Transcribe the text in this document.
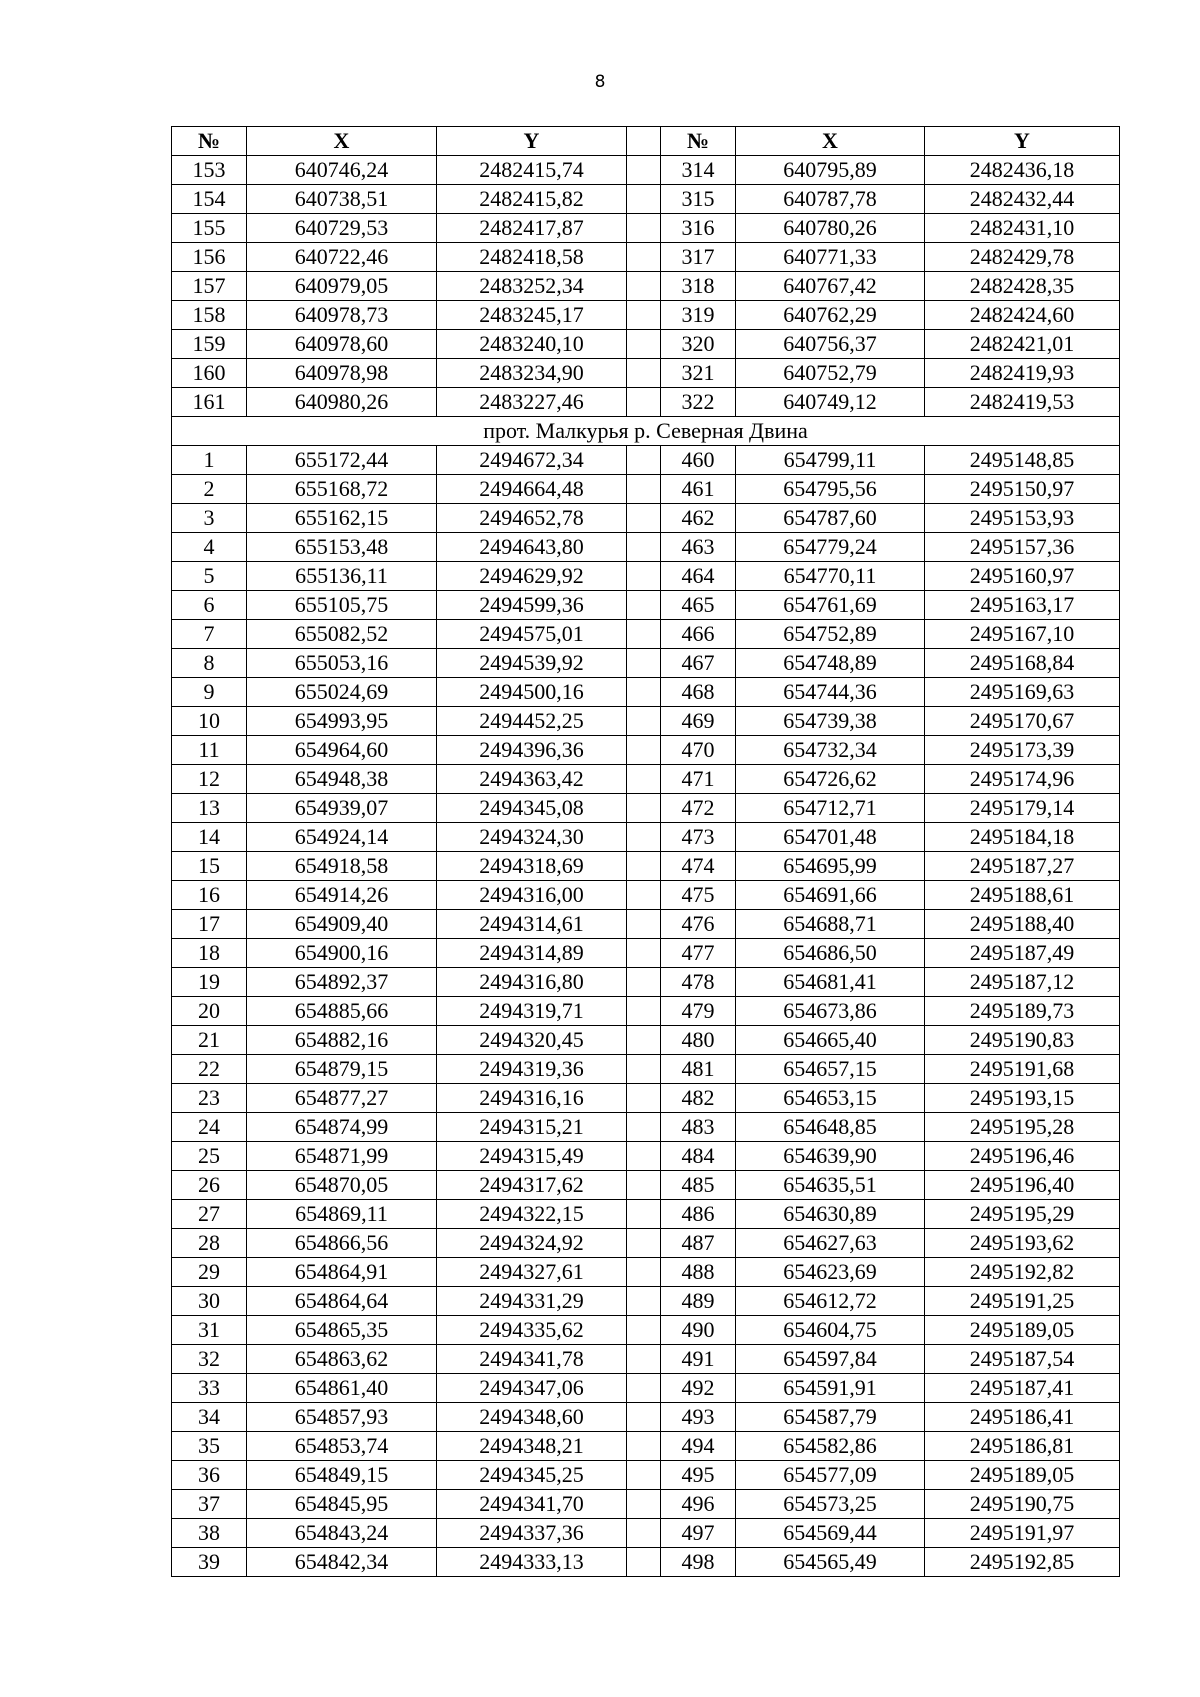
8
№	X	Y		№	X	Y
153	640746,24	2482415,74		314	640795,89	2482436,18
154	640738,51	2482415,82		315	640787,78	2482432,44
155	640729,53	2482417,87		316	640780,26	2482431,10
156	640722,46	2482418,58		317	640771,33	2482429,78
157	640979,05	2483252,34		318	640767,42	2482428,35
158	640978,73	2483245,17		319	640762,29	2482424,60
159	640978,60	2483240,10		320	640756,37	2482421,01
160	640978,98	2483234,90		321	640752,79	2482419,93
161	640980,26	2483227,46		322	640749,12	2482419,53
прот. Малкурья р. Северная Двина						
1	655172,44	2494672,34		460	654799,11	2495148,85
2	655168,72	2494664,48		461	654795,56	2495150,97
3	655162,15	2494652,78		462	654787,60	2495153,93
4	655153,48	2494643,80		463	654779,24	2495157,36
5	655136,11	2494629,92		464	654770,11	2495160,97
6	655105,75	2494599,36		465	654761,69	2495163,17
7	655082,52	2494575,01		466	654752,89	2495167,10
8	655053,16	2494539,92		467	654748,89	2495168,84
9	655024,69	2494500,16		468	654744,36	2495169,63
10	654993,95	2494452,25		469	654739,38	2495170,67
11	654964,60	2494396,36		470	654732,34	2495173,39
12	654948,38	2494363,42		471	654726,62	2495174,96
13	654939,07	2494345,08		472	654712,71	2495179,14
14	654924,14	2494324,30		473	654701,48	2495184,18
15	654918,58	2494318,69		474	654695,99	2495187,27
16	654914,26	2494316,00		475	654691,66	2495188,61
17	654909,40	2494314,61		476	654688,71	2495188,40
18	654900,16	2494314,89		477	654686,50	2495187,49
19	654892,37	2494316,80		478	654681,41	2495187,12
20	654885,66	2494319,71		479	654673,86	2495189,73
21	654882,16	2494320,45		480	654665,40	2495190,83
22	654879,15	2494319,36		481	654657,15	2495191,68
23	654877,27	2494316,16		482	654653,15	2495193,15
24	654874,99	2494315,21		483	654648,85	2495195,28
25	654871,99	2494315,49		484	654639,90	2495196,46
26	654870,05	2494317,62		485	654635,51	2495196,40
27	654869,11	2494322,15		486	654630,89	2495195,29
28	654866,56	2494324,92		487	654627,63	2495193,62
29	654864,91	2494327,61		488	654623,69	2495192,82
30	654864,64	2494331,29		489	654612,72	2495191,25
31	654865,35	2494335,62		490	654604,75	2495189,05
32	654863,62	2494341,78		491	654597,84	2495187,54
33	654861,40	2494347,06		492	654591,91	2495187,41
34	654857,93	2494348,60		493	654587,79	2495186,41
35	654853,74	2494348,21		494	654582,86	2495186,81
36	654849,15	2494345,25		495	654577,09	2495189,05
37	654845,95	2494341,70		496	654573,25	2495190,75
38	654843,24	2494337,36		497	654569,44	2495191,97
39	654842,34	2494333,13		498	654565,49	2495192,85
